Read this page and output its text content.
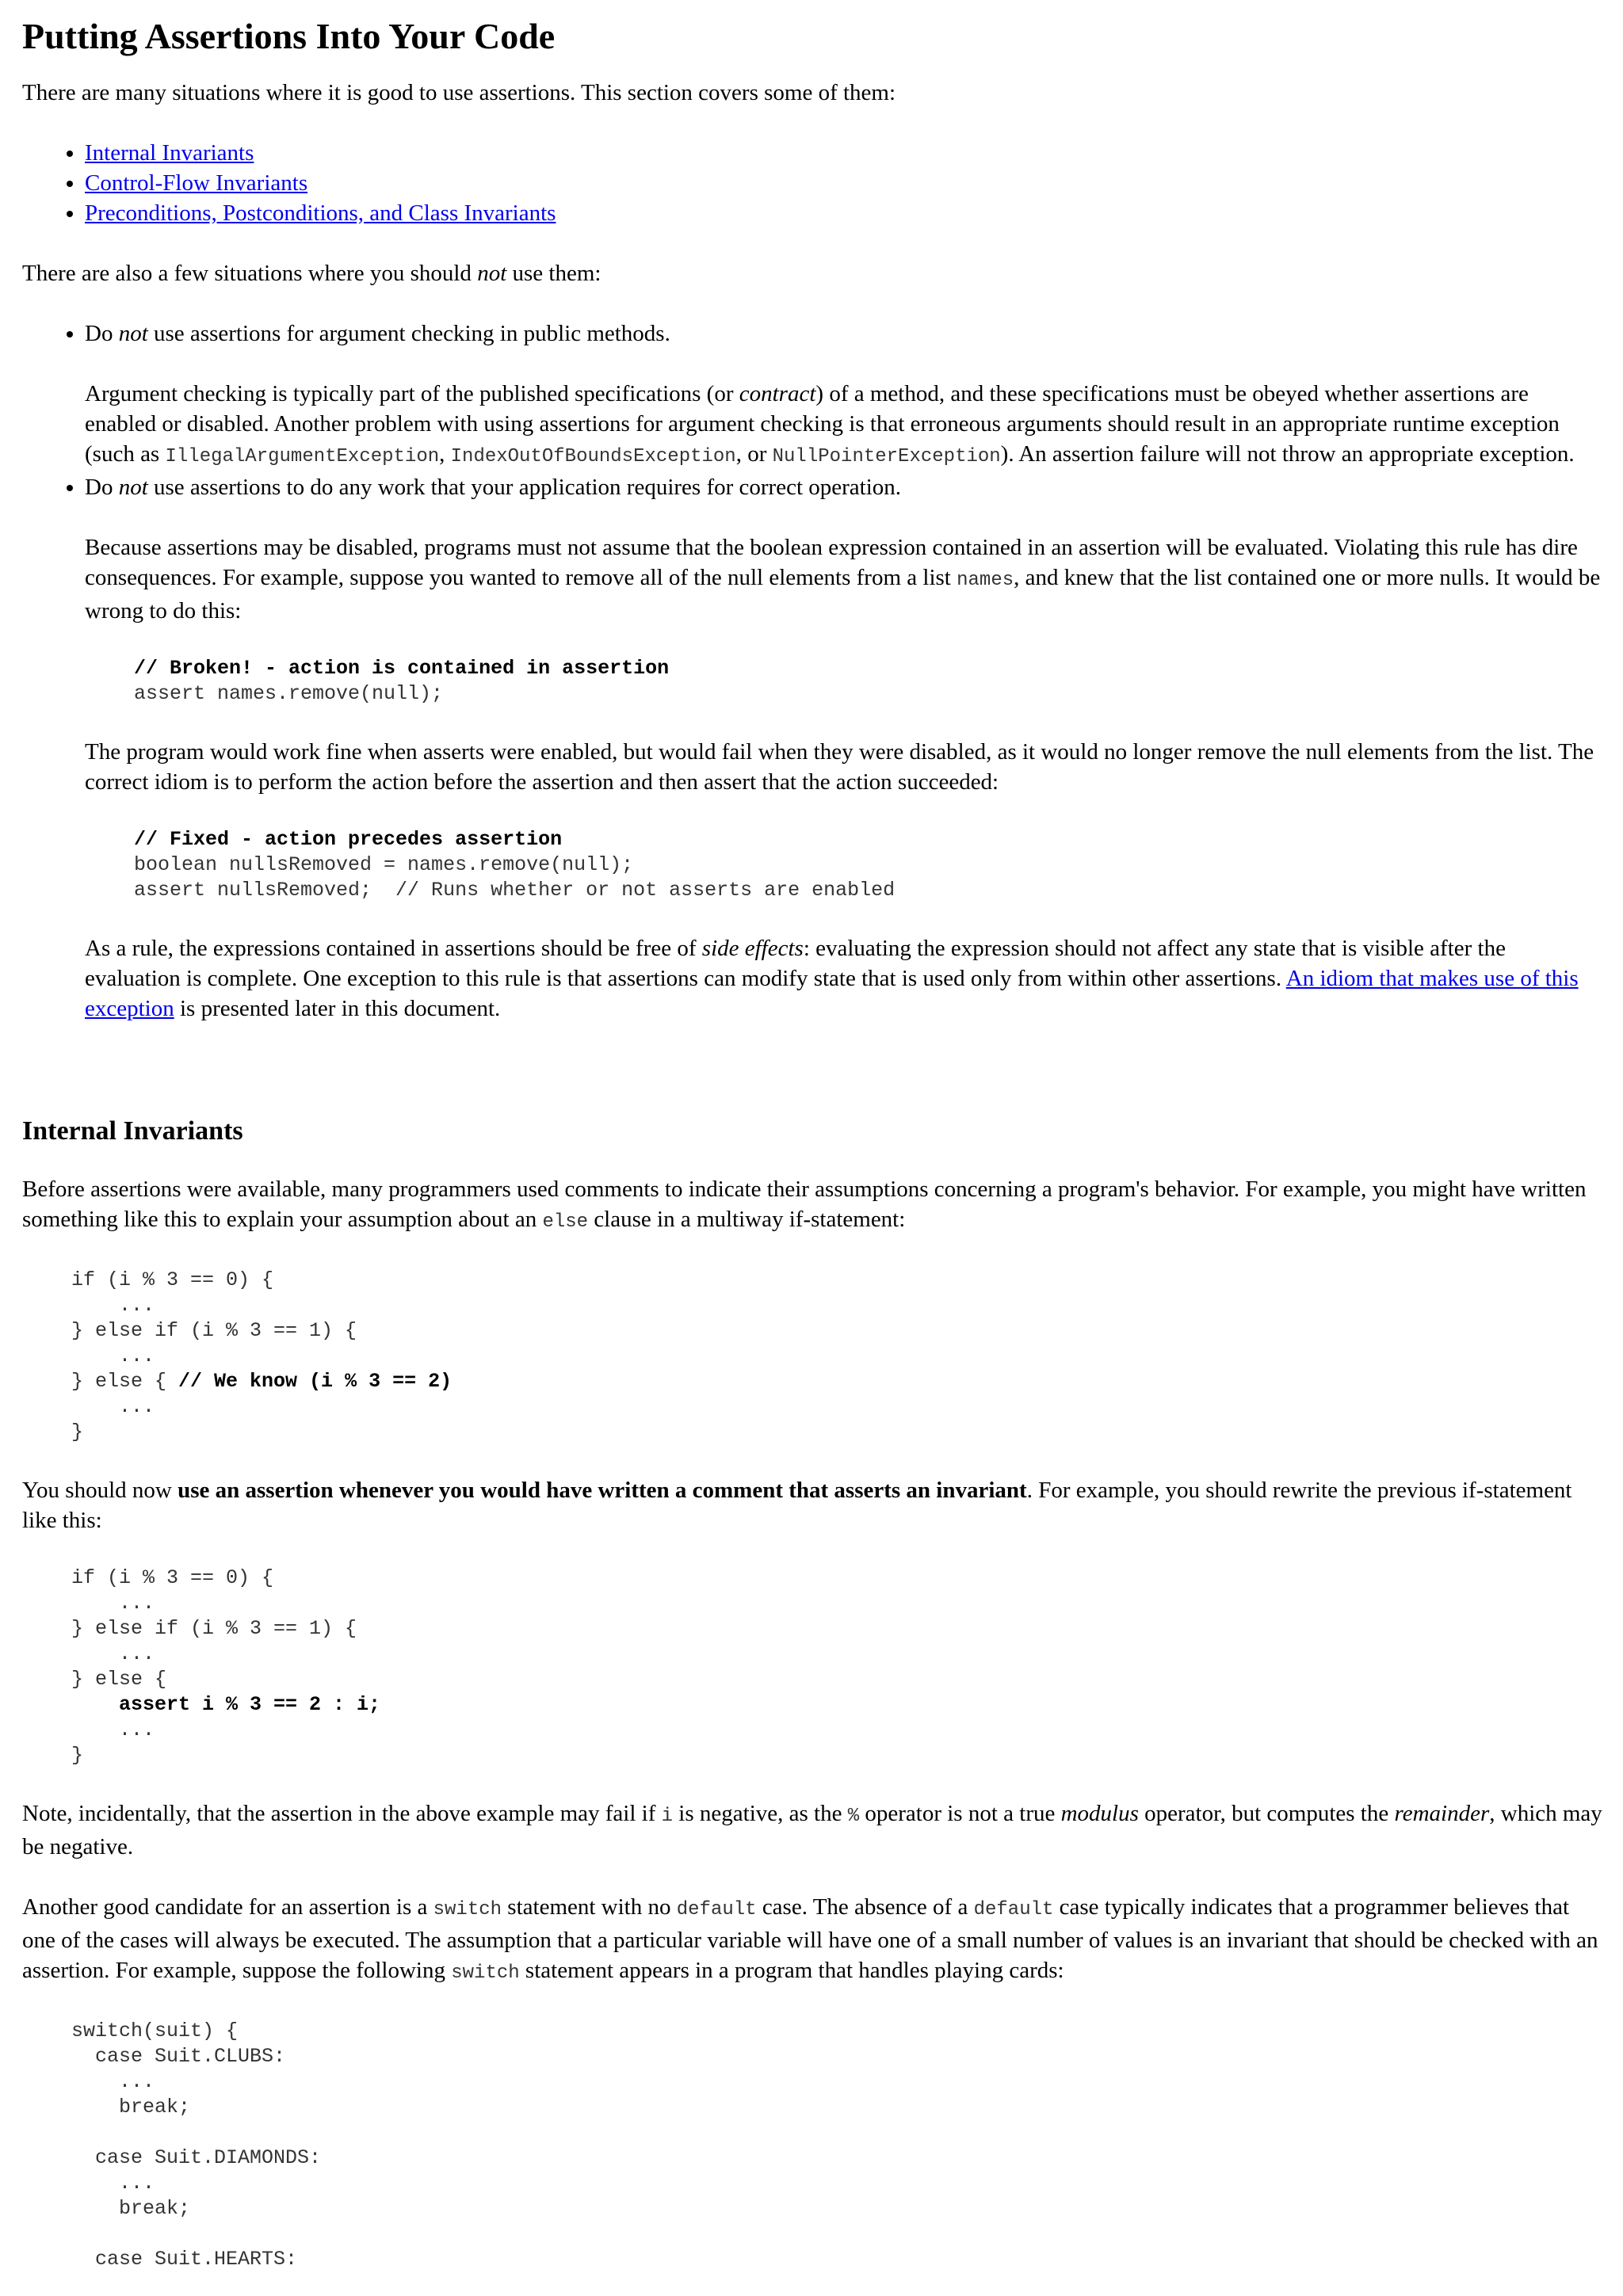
Putting Assertions Into Your Code

There are many situations where it is good to use assertions. This section covers some of them:

• Internal Invariants
• Control-Flow Invariants
• Preconditions, Postconditions, and Class Invariants

There are also a few situations where you should not use them:

• Do not use assertions for argument checking in public methods.

Argument checking is typically part of the published specifications (or contract) of a method, and these specifications must be obeyed whether assertions are enabled or disabled. Another problem with using assertions for argument checking is that erroneous arguments should result in an appropriate runtime exception (such as IllegalArgumentException, IndexOutOfBoundsException, or NullPointerException). An assertion failure will not throw an appropriate exception.

• Do not use assertions to do any work that your application requires for correct operation.

Because assertions may be disabled, programs must not assume that the boolean expression contained in an assertion will be evaluated. Violating this rule has dire consequences. For example, suppose you wanted to remove all of the null elements from a list names, and knew that the list contained one or more nulls. It would be wrong to do this:

// Broken! - action is contained in assertion
assert names.remove(null);

The program would work fine when asserts were enabled, but would fail when they were disabled, as it would no longer remove the null elements from the list. The correct idiom is to perform the action before the assertion and then assert that the action succeeded:

// Fixed - action precedes assertion
boolean nullsRemoved = names.remove(null);
assert nullsRemoved;  // Runs whether or not asserts are enabled

As a rule, the expressions contained in assertions should be free of side effects: evaluating the expression should not affect any state that is visible after the evaluation is complete. One exception to this rule is that assertions can modify state that is used only from within other assertions. An idiom that makes use of this exception is presented later in this document.

Internal Invariants

Before assertions were available, many programmers used comments to indicate their assumptions concerning a program's behavior. For example, you might have written something like this to explain your assumption about an else clause in a multiway if-statement:

if (i % 3 == 0) {
...
} else if (i % 3 == 1) {
...
} else { // We know (i % 3 == 2)
...
}

You should now use an assertion whenever you would have written a comment that asserts an invariant. For example, you should rewrite the previous if-statement like this:

if (i % 3 == 0) {
...
} else if (i % 3 == 1) {
...
} else {
assert i % 3 == 2 : i;
...
}

Note, incidentally, that the assertion in the above example may fail if i is negative, as the % operator is not a true modulus operator, but computes the remainder, which may be negative.

Another good candidate for an assertion is a switch statement with no default case. The absence of a default case typically indicates that a programmer believes that one of the cases will always be executed. The assumption that a particular variable will have one of a small number of values is an invariant that should be checked with an assertion. For example, suppose the following switch statement appears in a program that handles playing cards:

switch(suit) {
case Suit.CLUBS:
...
break;

case Suit.DIAMONDS:
...
break;

case Suit.HEARTS:
